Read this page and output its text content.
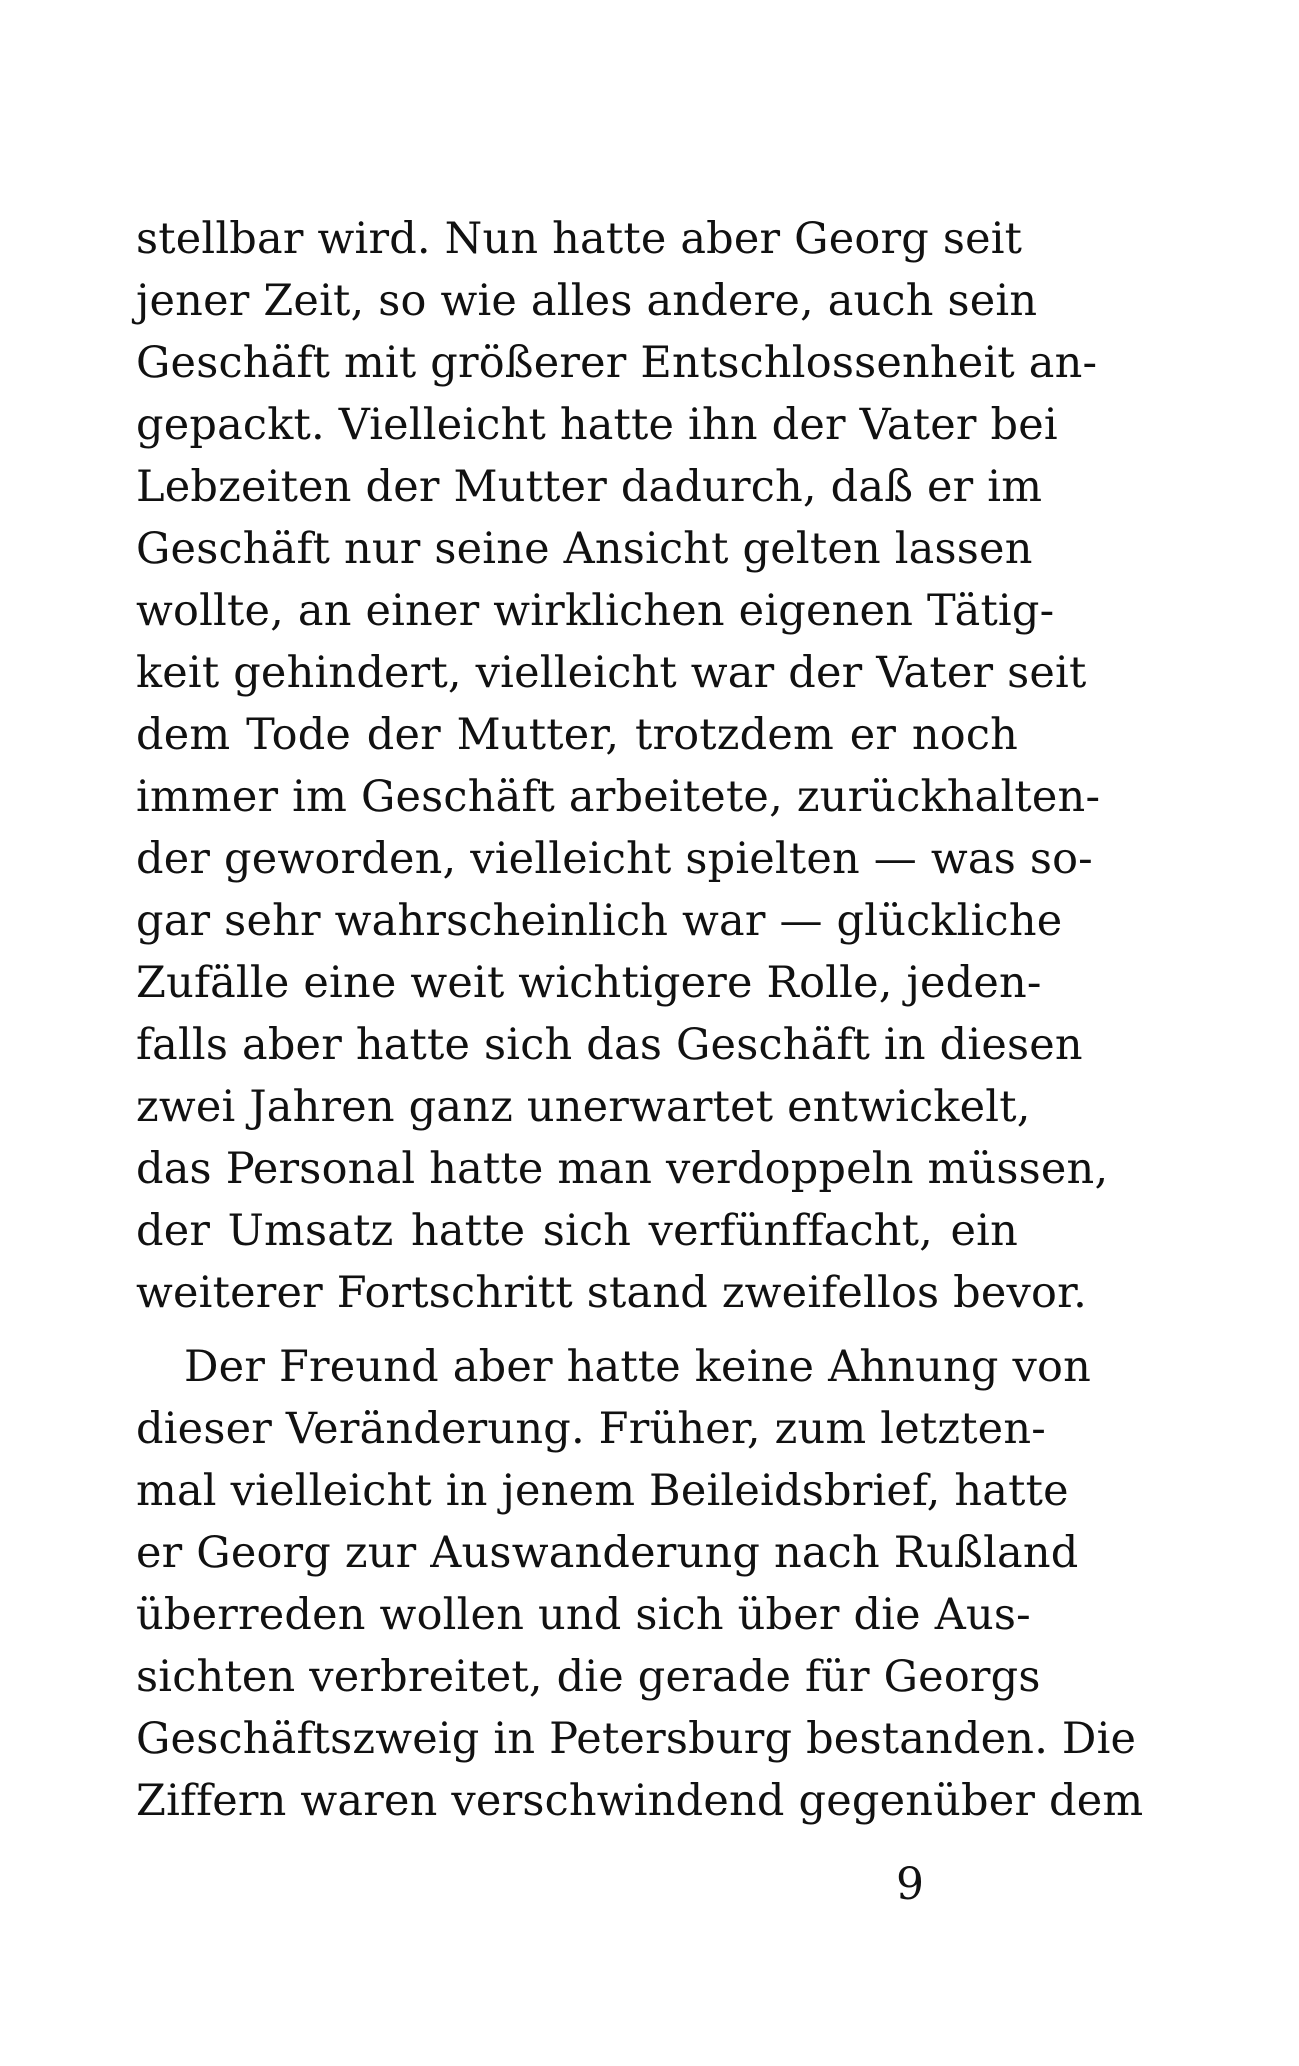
stellbar wird. Nun hatte aber Georg seit
jener Zeit, so wie alles andere, auch sein
Geschäft mit größerer Entschlossenheit an-
gepackt. Vielleicht hatte ihn der Vater bei
Lebzeiten der Mutter dadurch, daß er im
Geschäft nur seine Ansicht gelten lassen
wollte, an einer wirklichen eigenen Tätig-
keit gehindert, vielleicht war der Vater seit
dem Tode der Mutter, trotzdem er noch
immer im Geschäft arbeitete, zurückhalten-
der geworden, vielleicht spielten — was so-
gar sehr wahrscheinlich war — glückliche
Zufälle eine weit wichtigere Rolle, jeden-
falls aber hatte sich das Geschäft in diesen
zwei Jahren ganz unerwartet entwickelt,
das Personal hatte man verdoppeln müssen,
der Umsatz hatte sich verfünffacht, ein
weiterer Fortschritt stand zweifellos bevor.
Der Freund aber hatte keine Ahnung von
dieser Veränderung. Früher, zum letzten-
mal vielleicht in jenem Beileidsbrief, hatte
er Georg zur Auswanderung nach Rußland
überreden wollen und sich über die Aus-
sichten verbreitet, die gerade für Georgs
Geschäftszweig in Petersburg bestanden. Die
Ziffern waren verschwindend gegenüber dem
9
